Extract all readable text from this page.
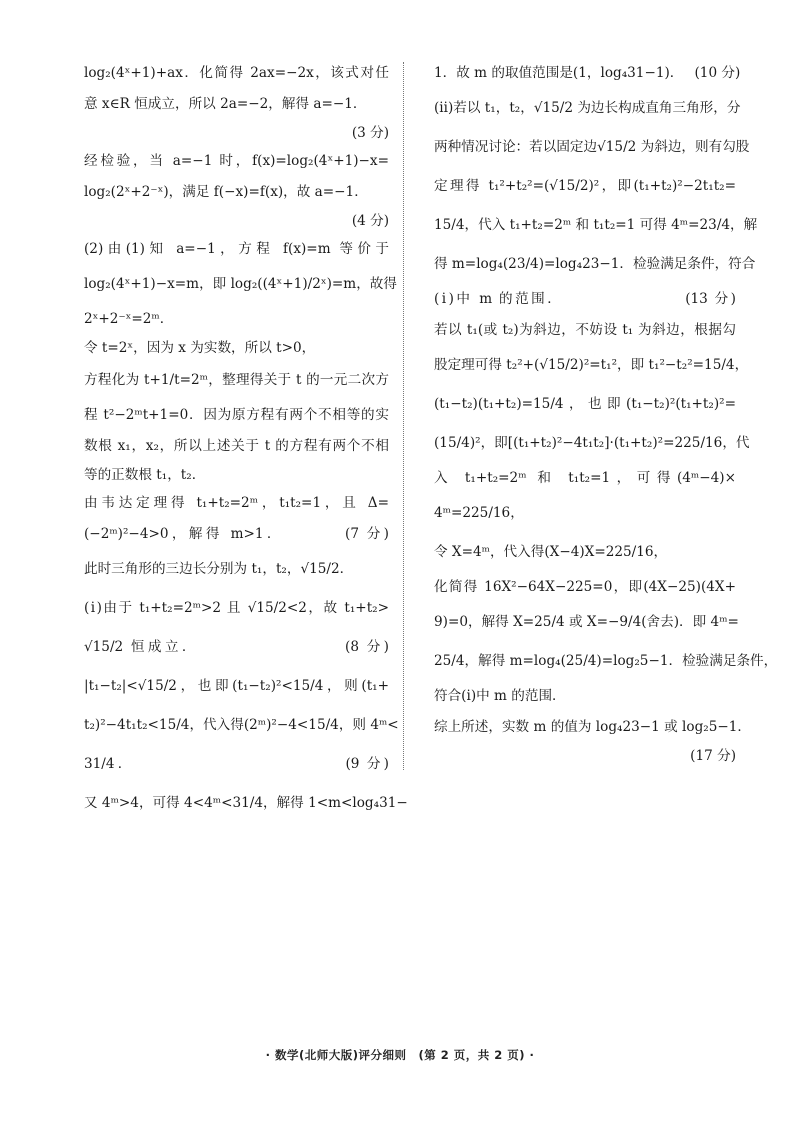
log₂(4ˣ+1)+ax．化简得 2ax=−2x，该式对任
意 x∈R 恒成立，所以 2a=−2，解得 a=−1．
(3 分)
经检验，当 a=−1 时，f(x)=log₂(4ˣ+1)−x=
log₂(2ˣ+2⁻ˣ)，满足 f(−x)=f(x)，故 a=−1．
(4 分)
(2)由(1)知 a=−1，方程 f(x)=m 等价于
log₂(4ˣ+1)−x=m，即 log₂((4ˣ+1)/2ˣ)=m，故得
2ˣ+2⁻ˣ=2ᵐ．
令 t=2ˣ，因为 x 为实数，所以 t>0，
方程化为 t+1/t=2ᵐ，整理得关于 t 的一元二次方
程 t²−2ᵐt+1=0．因为原方程有两个不相等的实
数根 x₁，x₂，所以上述关于 t 的方程有两个不相
等的正数根 t₁，t₂．
由韦达定理得 t₁+t₂=2ᵐ，t₁t₂=1，且 Δ=
(−2ᵐ)²−4>0，解得 m>1．　　　　(7 分)
此时三角形的三边长分别为 t₁，t₂，√15/2．
(ⅰ)由于 t₁+t₂=2ᵐ>2 且 √15/2<2，故 t₁+t₂>
√15/2 恒成立．　　　　　　　　　(8 分)
|t₁−t₂|<√15/2，也即(t₁−t₂)²<15/4，则(t₁+
t₂)²−4t₁t₂<15/4，代入得(2ᵐ)²−4<15/4，则 4ᵐ<
31/4．　　　　　　　　　　　　　(9 分)
又 4ᵐ>4，可得 4<4ᵐ<31/4，解得 1<m<log₄31−
1．故 m 的取值范围是(1，log₄31−1)．　 (10 分)
(ⅱ)若以 t₁，t₂，√15/2 为边长构成直角三角形，分
两种情况讨论：若以固定边√15/2 为斜边，则有勾股
定理得 t₁²+t₂²=(√15/2)²，即(t₁+t₂)²−2t₁t₂=
15/4，代入 t₁+t₂=2ᵐ 和 t₁t₂=1 可得 4ᵐ=23/4，解
得 m=log₄(23/4)=log₄23−1．检验满足条件，符合
(ⅰ)中 m 的范围．　　　　　　　　(13 分)
若以 t₁(或 t₂)为斜边，不妨设 t₁ 为斜边，根据勾
股定理可得 t₂²+(√15/2)²=t₁²，即 t₁²−t₂²=15/4，
(t₁−t₂)(t₁+t₂)=15/4，也即(t₁−t₂)²(t₁+t₂)²=
(15/4)²，即[(t₁+t₂)²−4t₁t₂]·(t₁+t₂)²=225/16，代
入 t₁+t₂=2ᵐ 和 t₁t₂=1，可得(4ᵐ−4)×
4ᵐ=225/16，
令 X=4ᵐ，代入得(X−4)X=225/16，
化简得 16X²−64X−225=0，即(4X−25)(4X+
9)=0，解得 X=25/4 或 X=−9/4(舍去)．即 4ᵐ=
25/4，解得 m=log₄(25/4)=log₂5−1．检验满足条件，
符合(ⅰ)中 m 的范围．
综上所述，实数 m 的值为 log₄23−1 或 log₂5−1．
(17 分)
· 数学(北师大版)评分细则　(第 2 页，共 2 页) ·
